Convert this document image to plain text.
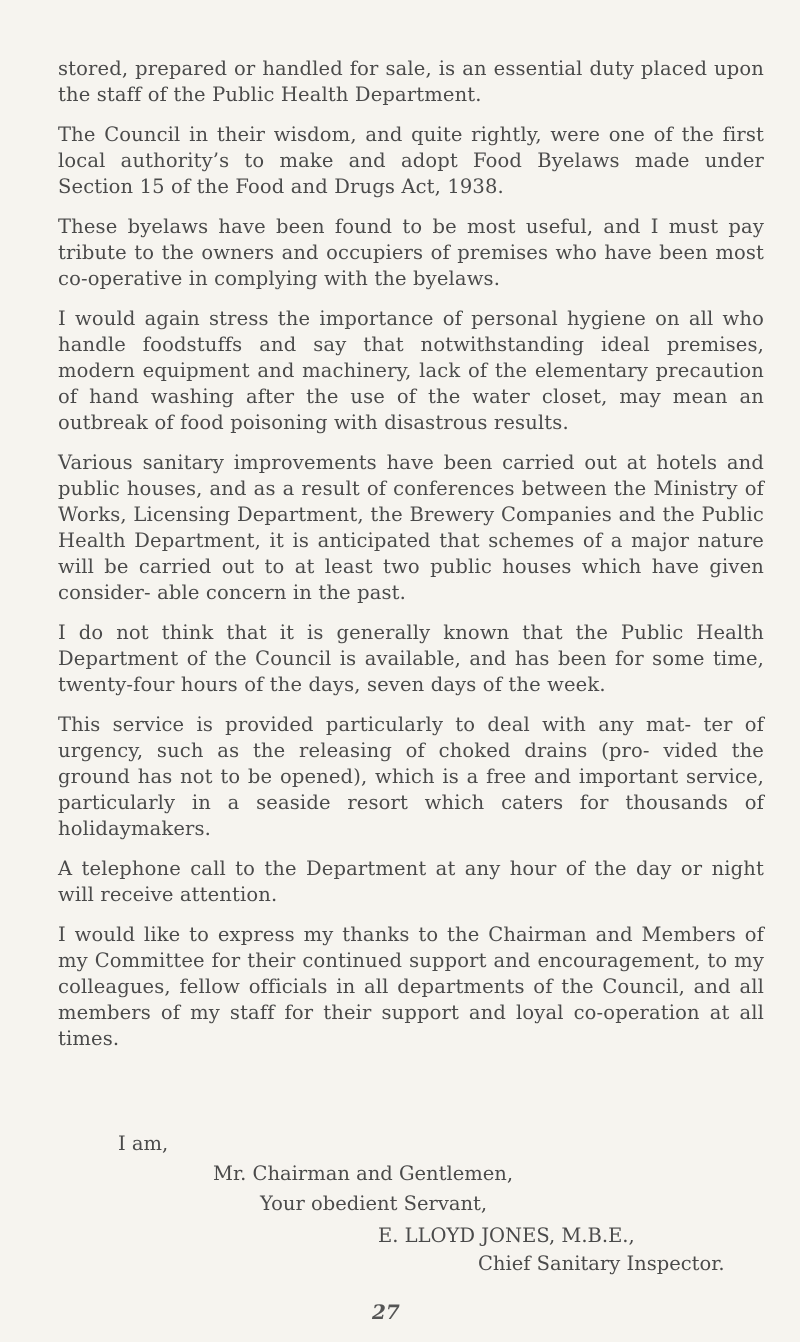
stored, prepared or handled for sale, is an essential duty placed upon the staff of the Public Health Department.

The Council in their wisdom, and quite rightly, were one of the first local authority’s to make and adopt Food Byelaws made under Section 15 of the Food and Drugs Act, 1938.

These byelaws have been found to be most useful, and I must pay tribute to the owners and occupiers of premises who have been most co-operative in complying with the byelaws.

I would again stress the importance of personal hygiene on all who handle foodstuffs and say that notwithstanding ideal premises, modern equipment and machinery, lack of the elementary precaution of hand washing after the use of the water closet, may mean an outbreak of food poisoning with disastrous results.

Various sanitary improvements have been carried out at hotels and public houses, and as a result of conferences between the Ministry of Works, Licensing Department, the Brewery Companies and the Public Health Department, it is anticipated that schemes of a major nature will be carried out to at least two public houses which have given consider- able concern in the past.

I do not think that it is generally known that the Public Health Department of the Council is available, and has been for some time, twenty-four hours of the days, seven days of the week.

This service is provided particularly to deal with any mat- ter of urgency, such as the releasing of choked drains (pro- vided the ground has not to be opened), which is a free and important service, particularly in a seaside resort which caters for thousands of holidaymakers.

A telephone call to the Department at any hour of the day or night will receive attention.

I would like to express my thanks to the Chairman and Members of my Committee for their continued support and encouragement, to my colleagues, fellow officials in all departments of the Council, and all members of my staff for their support and loyal co-operation at all times.

I am,
Mr. Chairman and Gentlemen,
Your obedient Servant,
E. LLOYD JONES, M.B.E.,
Chief Sanitary Inspector.
27
